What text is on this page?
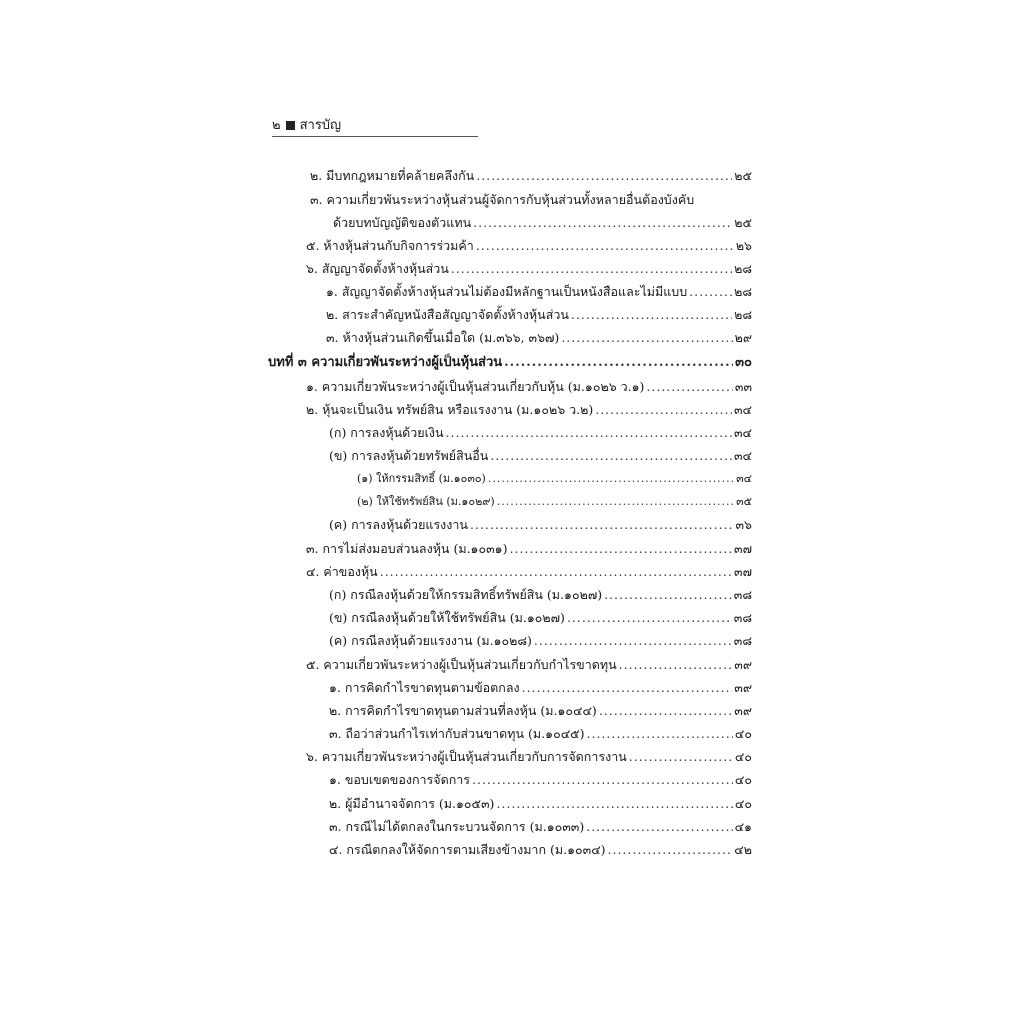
๒ สารบัญ
๒. มีบทกฎหมายที่คล้ายคลึงกัน .....	๒๕
๓. ความเกี่ยวพันระหว่างหุ้นส่วนผู้จัดการกับหุ้นส่วนทั้งหลายอื่นต้องบังคับ
ด้วยบทบัญญัติของตัวแทน .....	๒๕
๕. ห้างหุ้นส่วนกับกิจการร่วมค้า .....	๒๖
๖. สัญญาจัดตั้งห้างหุ้นส่วน .....	๒๘
๑. สัญญาจัดตั้งห้างหุ้นส่วนไม่ต้องมีหลักฐานเป็นหนังสือและไม่มีแบบ .....	๒๘
๒. สาระสำคัญหนังสือสัญญาจัดตั้งห้างหุ้นส่วน .....	๒๘
๓. ห้างหุ้นส่วนเกิดขึ้นเมื่อใด (ม.๓๖๖, ๓๖๗) .....	๒๙
บทที่ ๓ ความเกี่ยวพันระหว่างผู้เป็นหุ้นส่วน .....	๓๐
๑. ความเกี่ยวพันระหว่างผู้เป็นหุ้นส่วนเกี่ยวกับหุ้น (ม.๑๐๒๖ ว.๑) .....	๓๓
๒. หุ้นจะเป็นเงิน ทรัพย์สิน หรือแรงงาน (ม.๑๐๒๖ ว.๒) .....	๓๔
(ก) การลงหุ้นด้วยเงิน .....	๓๔
(ข) การลงหุ้นด้วยทรัพย์สินอื่น .....	๓๔
(๑) ให้กรรมสิทธิ์ (ม.๑๐๓๐) .....	๓๔
(๒) ให้ใช้ทรัพย์สิน (ม.๑๐๒๙) .....	๓๕
(ค) การลงหุ้นด้วยแรงงาน .....	๓๖
๓. การไม่ส่งมอบส่วนลงหุ้น (ม.๑๐๓๑) .....	๓๗
๔. ค่าของหุ้น .....	๓๗
(ก) กรณีลงหุ้นด้วยให้กรรมสิทธิ์ทรัพย์สิน (ม.๑๐๒๗) .....	๓๘
(ข) กรณีลงหุ้นด้วยให้ใช้ทรัพย์สิน (ม.๑๐๒๗) .....	๓๘
(ค) กรณีลงหุ้นด้วยแรงงาน (ม.๑๐๒๘) .....	๓๘
๕. ความเกี่ยวพันระหว่างผู้เป็นหุ้นส่วนเกี่ยวกับกำไรขาดทุน .....	๓๙
๑. การคิดกำไรขาดทุนตามข้อตกลง .....	๓๙
๒. การคิดกำไรขาดทุนตามส่วนที่ลงหุ้น (ม.๑๐๔๔) .....	๓๙
๓. ถือว่าส่วนกำไรเท่ากับส่วนขาดทุน (ม.๑๐๔๕) .....	๔๐
๖. ความเกี่ยวพันระหว่างผู้เป็นหุ้นส่วนเกี่ยวกับการจัดการงาน .....	๔๐
๑. ขอบเขตของการจัดการ .....	๔๐
๒. ผู้มีอำนาจจัดการ (ม.๑๐๕๓) .....	๔๐
๓. กรณีไม่ได้ตกลงในกระบวนจัดการ (ม.๑๐๓๓) .....	๔๑
๔. กรณีตกลงให้จัดการตามเสียงข้างมาก (ม.๑๐๓๔) .....	๔๒
